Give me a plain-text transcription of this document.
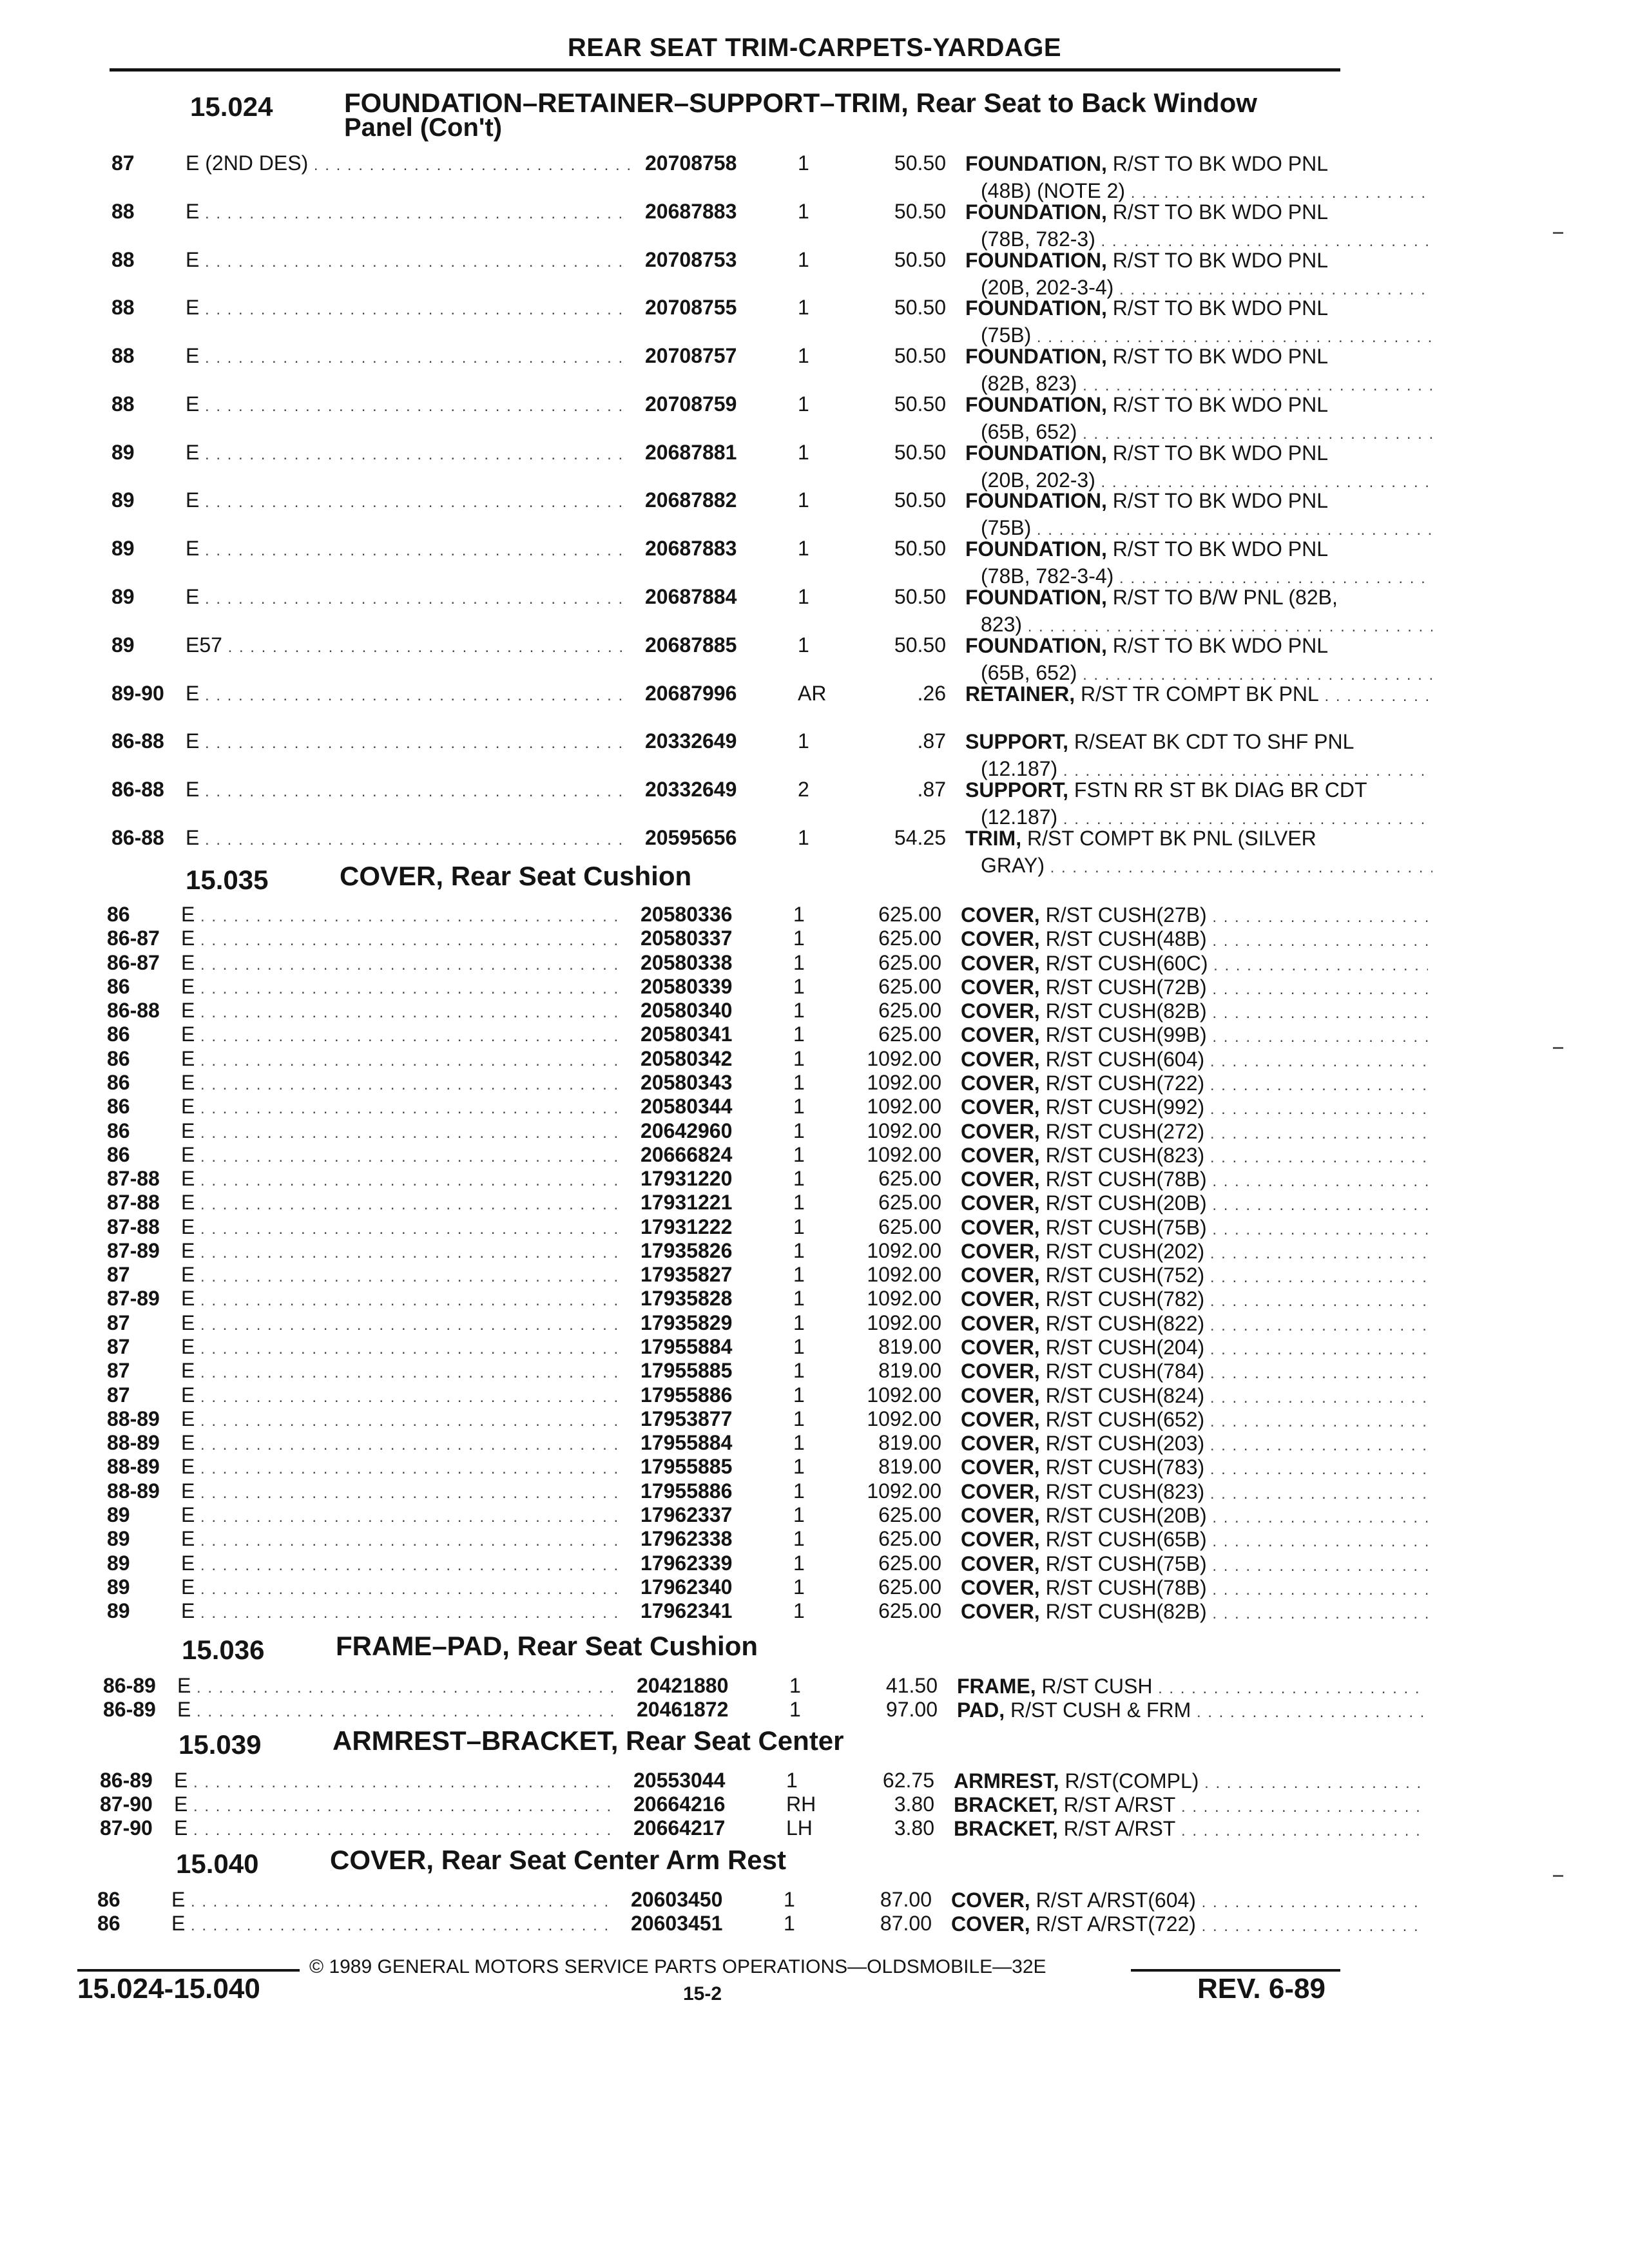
REAR SEAT TRIM-CARPETS-YARDAGE
15.024	FOUNDATION–RETAINER–SUPPORT–TRIM, Rear Seat to Back Window
Panel (Con't)
87 E (2ND DES) . . .	20708758	1	50.50 FOUNDATION, R/ST TO BK WDO PNL
(48B) (NOTE 2) . . .
88 E . . .	20687883	1	50.50 FOUNDATION, R/ST TO BK WDO PNL
(78B, 782-3) . . .
88 E . . .	20708753	1	50.50 FOUNDATION, R/ST TO BK WDO PNL
(20B, 202-3-4) . . .
88 E . . .	20708755	1	50.50 FOUNDATION, R/ST TO BK WDO PNL
(75B) . . .
88 E . . .	20708757	1	50.50 FOUNDATION, R/ST TO BK WDO PNL
(82B, 823) . . .
88 E . . .	20708759	1	50.50 FOUNDATION, R/ST TO BK WDO PNL
(65B, 652) . . .
89 E . . .	20687881	1	50.50 FOUNDATION, R/ST TO BK WDO PNL
(20B, 202-3) . . .
89 E . . .	20687882	1	50.50 FOUNDATION, R/ST TO BK WDO PNL
(75B) . . .
89 E . . .	20687883	1	50.50 FOUNDATION, R/ST TO BK WDO PNL
(78B, 782-3-4) . . .
89 E . . .	20687884	1	50.50 FOUNDATION, R/ST TO B/W PNL (82B,
823) . . .
89 E57 . . .	20687885	1	50.50 FOUNDATION, R/ST TO BK WDO PNL
(65B, 652) . . .
89-90 E . . .	20687996	AR	.26 RETAINER, R/ST TR COMPT BK PNL . . .
86-88 E . . .	20332649	1	.87 SUPPORT, R/SEAT BK CDT TO SHF PNL
(12.187) . . .
86-88 E . . .	20332649	2	.87 SUPPORT, FSTN RR ST BK DIAG BR CDT
(12.187) . . .
86-88 E . . .	20595656	1	54.25 TRIM, R/ST COMPT BK PNL (SILVER
GRAY) . . .
15.035	COVER, Rear Seat Cushion
86 E . . .	20580336	1	625.00 COVER, R/ST CUSH(27B) . . .
86-87 E . . .	20580337	1	625.00 COVER, R/ST CUSH(48B) . . .
86-87 E . . .	20580338	1	625.00 COVER, R/ST CUSH(60C) . . .
86 E . . .	20580339	1	625.00 COVER, R/ST CUSH(72B) . . .
86-88 E . . .	20580340	1	625.00 COVER, R/ST CUSH(82B) . . .
86 E . . .	20580341	1	625.00 COVER, R/ST CUSH(99B) . . .
86 E . . .	20580342	1	1092.00 COVER, R/ST CUSH(604) . . .
86 E . . .	20580343	1	1092.00 COVER, R/ST CUSH(722) . . .
86 E . . .	20580344	1	1092.00 COVER, R/ST CUSH(992) . . .
86 E . . .	20642960	1	1092.00 COVER, R/ST CUSH(272) . . .
86 E . . .	20666824	1	1092.00 COVER, R/ST CUSH(823) . . .
87-88 E . . .	17931220	1	625.00 COVER, R/ST CUSH(78B) . . .
87-88 E . . .	17931221	1	625.00 COVER, R/ST CUSH(20B) . . .
87-88 E . . .	17931222	1	625.00 COVER, R/ST CUSH(75B) . . .
87-89 E . . .	17935826	1	1092.00 COVER, R/ST CUSH(202) . . .
87 E . . .	17935827	1	1092.00 COVER, R/ST CUSH(752) . . .
87-89 E . . .	17935828	1	1092.00 COVER, R/ST CUSH(782) . . .
87 E . . .	17935829	1	1092.00 COVER, R/ST CUSH(822) . . .
87 E . . .	17955884	1	819.00 COVER, R/ST CUSH(204) . . .
87 E . . .	17955885	1	819.00 COVER, R/ST CUSH(784) . . .
87 E . . .	17955886	1	1092.00 COVER, R/ST CUSH(824) . . .
88-89 E . . .	17953877	1	1092.00 COVER, R/ST CUSH(652) . . .
88-89 E . . .	17955884	1	819.00 COVER, R/ST CUSH(203) . . .
88-89 E . . .	17955885	1	819.00 COVER, R/ST CUSH(783) . . .
88-89 E . . .	17955886	1	1092.00 COVER, R/ST CUSH(823) . . .
89 E . . .	17962337	1	625.00 COVER, R/ST CUSH(20B) . . .
89 E . . .	17962338	1	625.00 COVER, R/ST CUSH(65B) . . .
89 E . . .	17962339	1	625.00 COVER, R/ST CUSH(75B) . . .
89 E . . .	17962340	1	625.00 COVER, R/ST CUSH(78B) . . .
89 E . . .	17962341	1	625.00 COVER, R/ST CUSH(82B) . . .
15.036	FRAME–PAD, Rear Seat Cushion
86-89 E . . .	20421880	1	41.50 FRAME, R/ST CUSH . . .
86-89 E . . .	20461872	1	97.00 PAD, R/ST CUSH & FRM . . .
15.039	ARMREST–BRACKET, Rear Seat Center
86-89 E . . .	20553044	1	62.75 ARMREST, R/ST(COMPL) . . .
87-90 E . . .	20664216	RH	3.80 BRACKET, R/ST A/RST . . .
87-90 E . . .	20664217	LH	3.80 BRACKET, R/ST A/RST . . .
15.040	COVER, Rear Seat Center Arm Rest
86 E . . .	20603450	1	87.00 COVER, R/ST A/RST(604) . . .
86 E . . .	20603451	1	87.00 COVER, R/ST A/RST(722) . . .
© 1989 GENERAL MOTORS SERVICE PARTS OPERATIONS—OLDSMOBILE—32E
15.024-15.040	15-2	REV. 6-89
